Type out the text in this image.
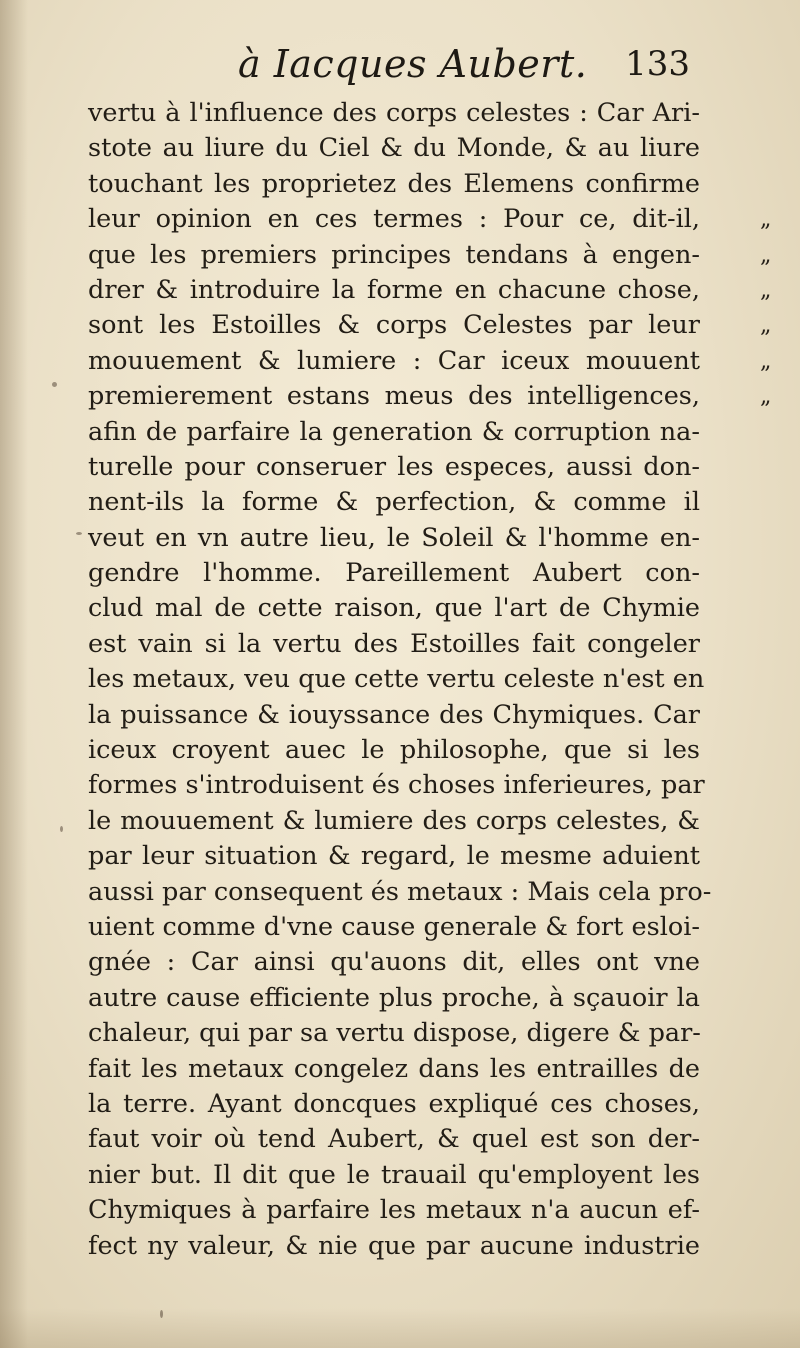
à Iacques Aubert. 133
vertu à l'influence des corps celestes : Car Ari-
stote au liure du Ciel & du Monde, & au liure
touchant les proprietez des Elemens confirme
leur opinion en ces termes : Pour ce, dit-il,	„
que les premiers principes tendans à engen-	„
drer & introduire la forme en chacune chose,	„
sont les Estoilles & corps Celestes par leur	„
mouuement & lumiere : Car iceux mouuent	„
premierement estans meus des intelligences,	„
afin de parfaire la generation & corruption na-
turelle pour conseruer les especes, aussi don-
nent-ils la forme & perfection, & comme il
veut en vn autre lieu, le Soleil & l'homme en-
gendre l'homme. Pareillement Aubert con-
clud mal de cette raison, que l'art de Chymie
est vain si la vertu des Estoilles fait congeler
les metaux, veu que cette vertu celeste n'est en
la puissance & iouyssance des Chymiques. Car
iceux croyent auec le philosophe, que si les
formes s'introduisent és choses inferieures, par
le mouuement & lumiere des corps celestes, &
par leur situation & regard, le mesme aduient
aussi par consequent és metaux : Mais cela pro-
uient comme d'vne cause generale & fort esloi-
gnée : Car ainsi qu'auons dit, elles ont vne
autre cause efficiente plus proche, à sçauoir la
chaleur, qui par sa vertu dispose, digere & par-
fait les metaux congelez dans les entrailles de
la terre. Ayant doncques expliqué ces choses,
faut voir où tend Aubert, & quel est son der-
nier but. Il dit que le trauail qu'employent les
Chymiques à parfaire les metaux n'a aucun ef-
fect ny valeur, & nie que par aucune industrie
